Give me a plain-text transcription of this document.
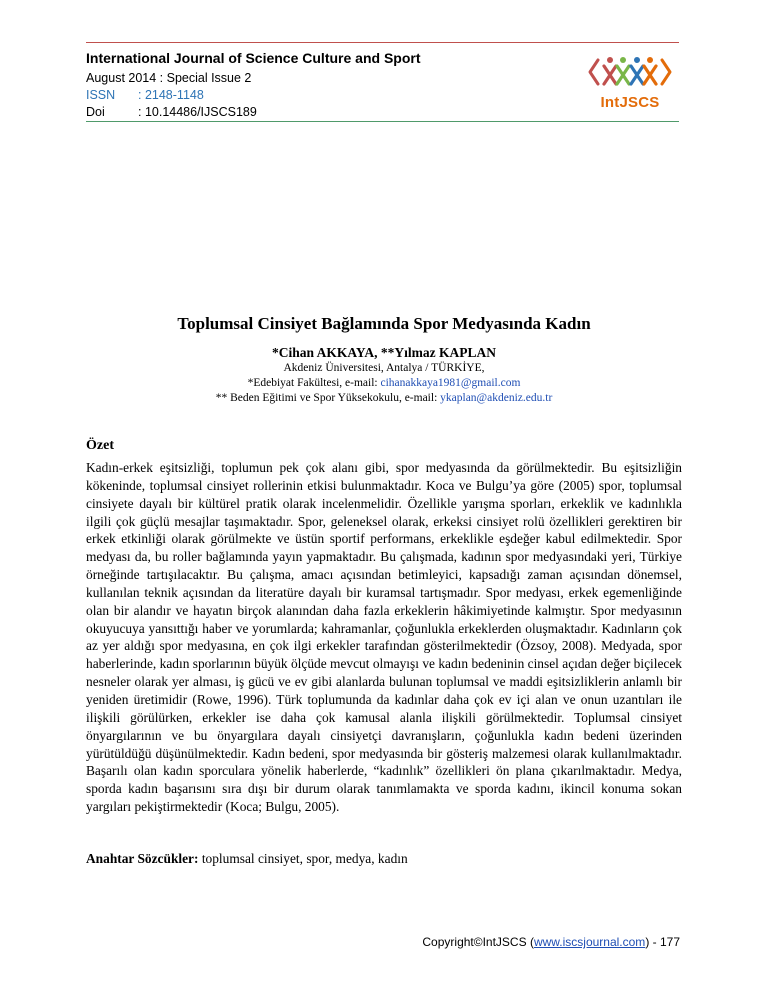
International Journal of Science Culture and Sport
August 2014 : Special Issue 2
ISSN : 2148-1148
Doi	: 10.14486/IJSCS189
IntJSCS
Toplumsal Cinsiyet Bağlamında Spor Medyasında Kadın
*Cihan AKKAYA, **Yılmaz KAPLAN
Akdeniz Üniversitesi, Antalya / TÜRKİYE,
*Edebiyat Fakültesi, e-mail: cihanakkaya1981@gmail.com
** Beden Eğitimi ve Spor Yüksekokulu, e-mail: ykaplan@akdeniz.edu.tr
Özet

Kadın-erkek eşitsizliği, toplumun pek çok alanı gibi, spor medyasında da görülmektedir. Bu eşitsizliğin kökeninde, toplumsal cinsiyet rollerinin etkisi bulunmaktadır. Koca ve Bulgu’ya göre (2005) spor, toplumsal cinsiyete dayalı bir kültürel pratik olarak incelenmelidir. Özellikle yarışma sporları, erkeklik ve kadınlıkla ilgili çok güçlü mesajlar taşımaktadır. Spor, geleneksel olarak, erkeksi cinsiyet rolü özellikleri gerektiren bir erkek etkinliği olarak görülmekte ve üstün sportif performans, erkeklikle eşdeğer kabul edilmektedir. Spor medyası da, bu roller bağlamında yayın yapmaktadır. Bu çalışmada, kadının spor medyasındaki yeri, Türkiye örneğinde tartışılacaktır. Bu çalışma, amacı açısından betimleyici, kapsadığı zaman açısından dönemsel, kullanılan teknik açısından da literatüre dayalı bir kuramsal tartışmadır. Spor medyası, erkek egemenliğinde olan bir alandır ve hayatın birçok alanından daha fazla erkeklerin hâkimiyetinde kalmıştır. Spor medyasının okuyucuya yansıttığı haber ve yorumlarda; kahramanlar, çoğunlukla erkeklerden oluşmaktadır. Kadınların çok az yer aldığı spor medyasına, en çok ilgi erkekler tarafından gösterilmektedir (Özsoy, 2008). Medyada, spor haberlerinde, kadın sporlarının büyük ölçüde mevcut olmayışı ve kadın bedeninin cinsel açıdan değer biçilecek nesneler olarak yer alması, iş gücü ve ev gibi alanlarda bulunan toplumsal ve maddi eşitsizliklerin anlamlı bir yeniden üretimidir (Rowe, 1996). Türk toplumunda da kadınlar daha çok ev içi alan ve onun uzantıları ile ilişkili görülürken, erkekler ise daha çok kamusal alanla ilişkili görülmektedir. Toplumsal cinsiyet önyargılarının ve bu önyargılara dayalı cinsiyetçi davranışların, çoğunlukla kadın bedeni üzerinden yürütüldüğü düşünülmektedir. Kadın bedeni, spor medyasında bir gösteriş malzemesi olarak kullanılmaktadır. Başarılı olan kadın sporculara yönelik haberlerde, “kadınlık” özellikleri ön plana çıkarılmaktadır. Medya, sporda kadın başarısını sıra dışı bir durum olarak tanımlamakta ve sporda kadını, ikincil konuma sokan yargıları pekiştirmektedir (Koca; Bulgu, 2005).

Anahtar Sözcükler: toplumsal cinsiyet, spor, medya, kadın
Copyright©IntJSCS (www.iscsjournal.com) - 177
